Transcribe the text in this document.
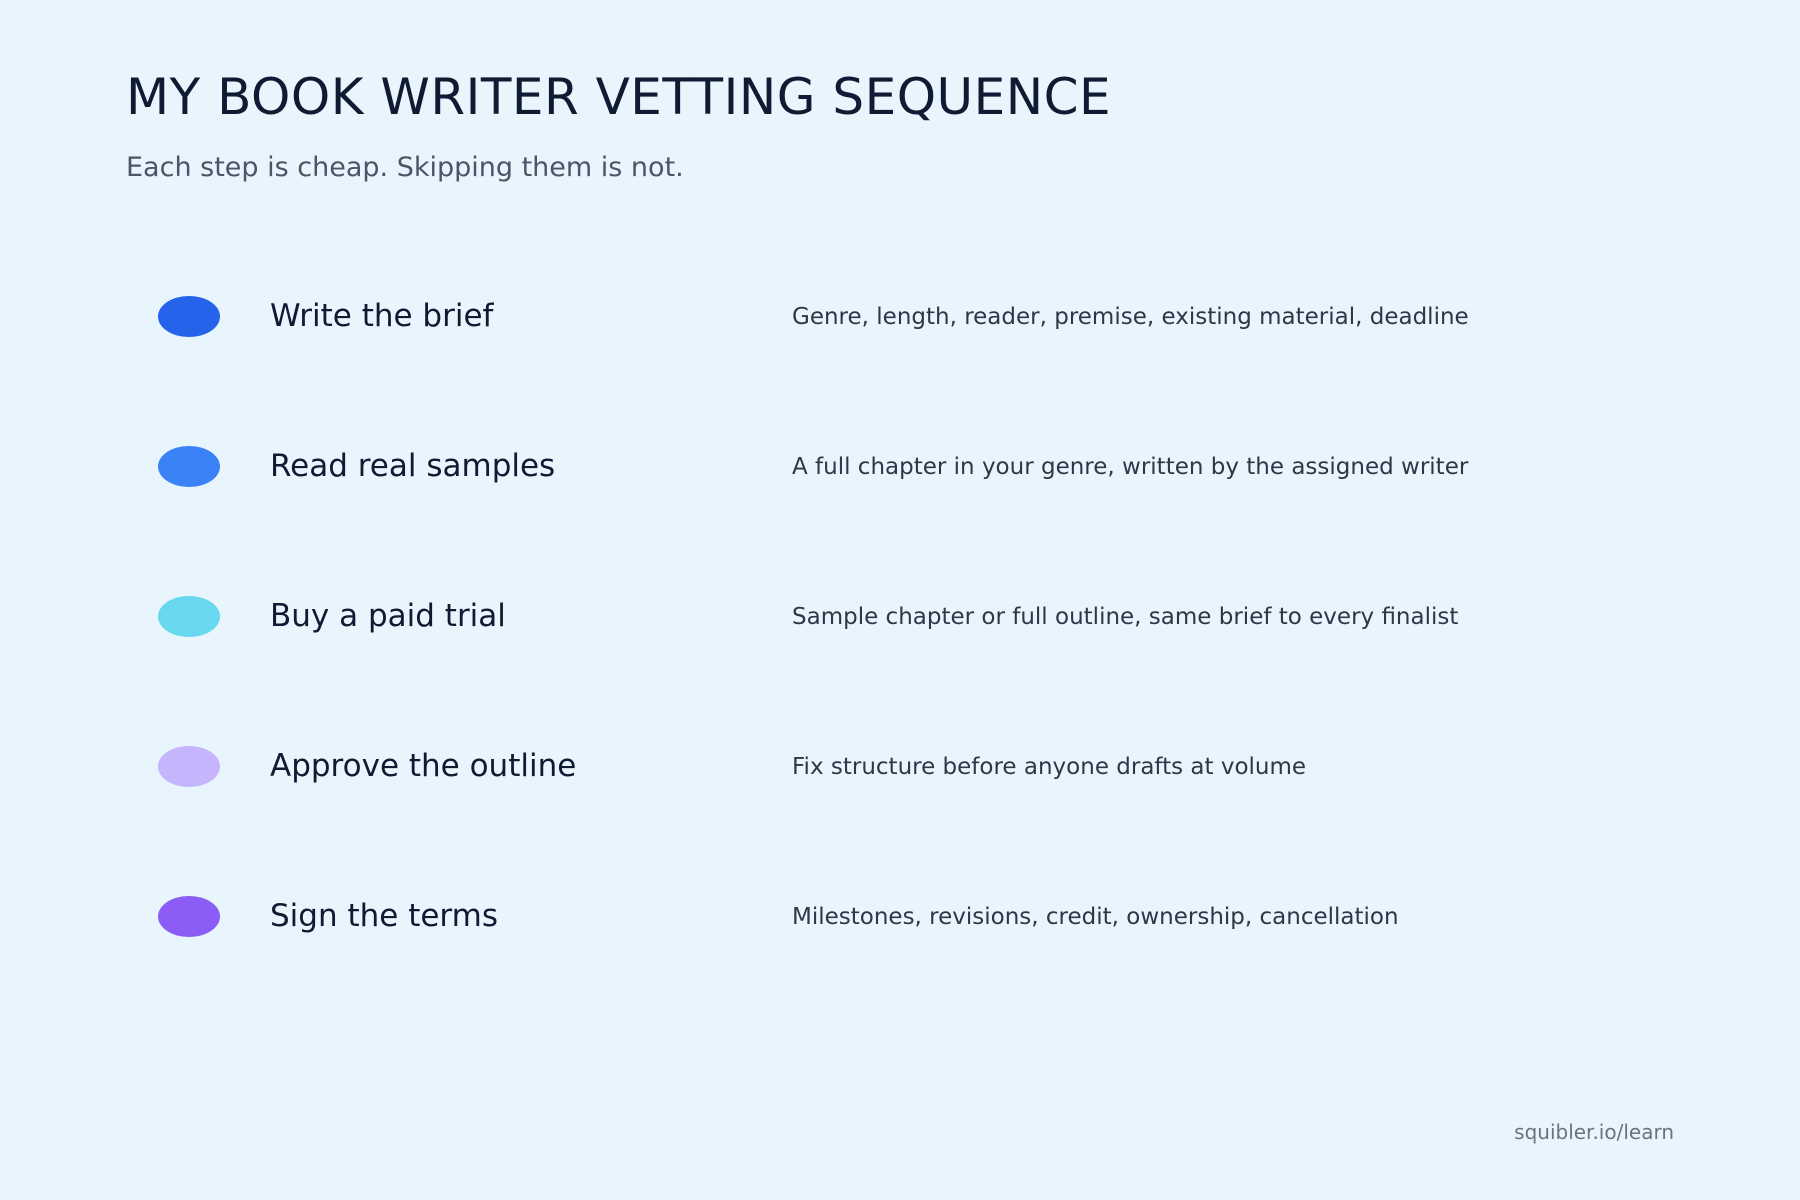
MY BOOK WRITER VETTING SEQUENCE

Each step is cheap. Skipping them is not.

Write the brief	Genre, length, reader, premise, existing material, deadline
Read real samples	A full chapter in your genre, written by the assigned writer
Buy a paid trial	Sample chapter or full outline, same brief to every finalist
Approve the outline	Fix structure before anyone drafts at volume
Sign the terms	Milestones, revisions, credit, ownership, cancellation
squibler.io/learn
